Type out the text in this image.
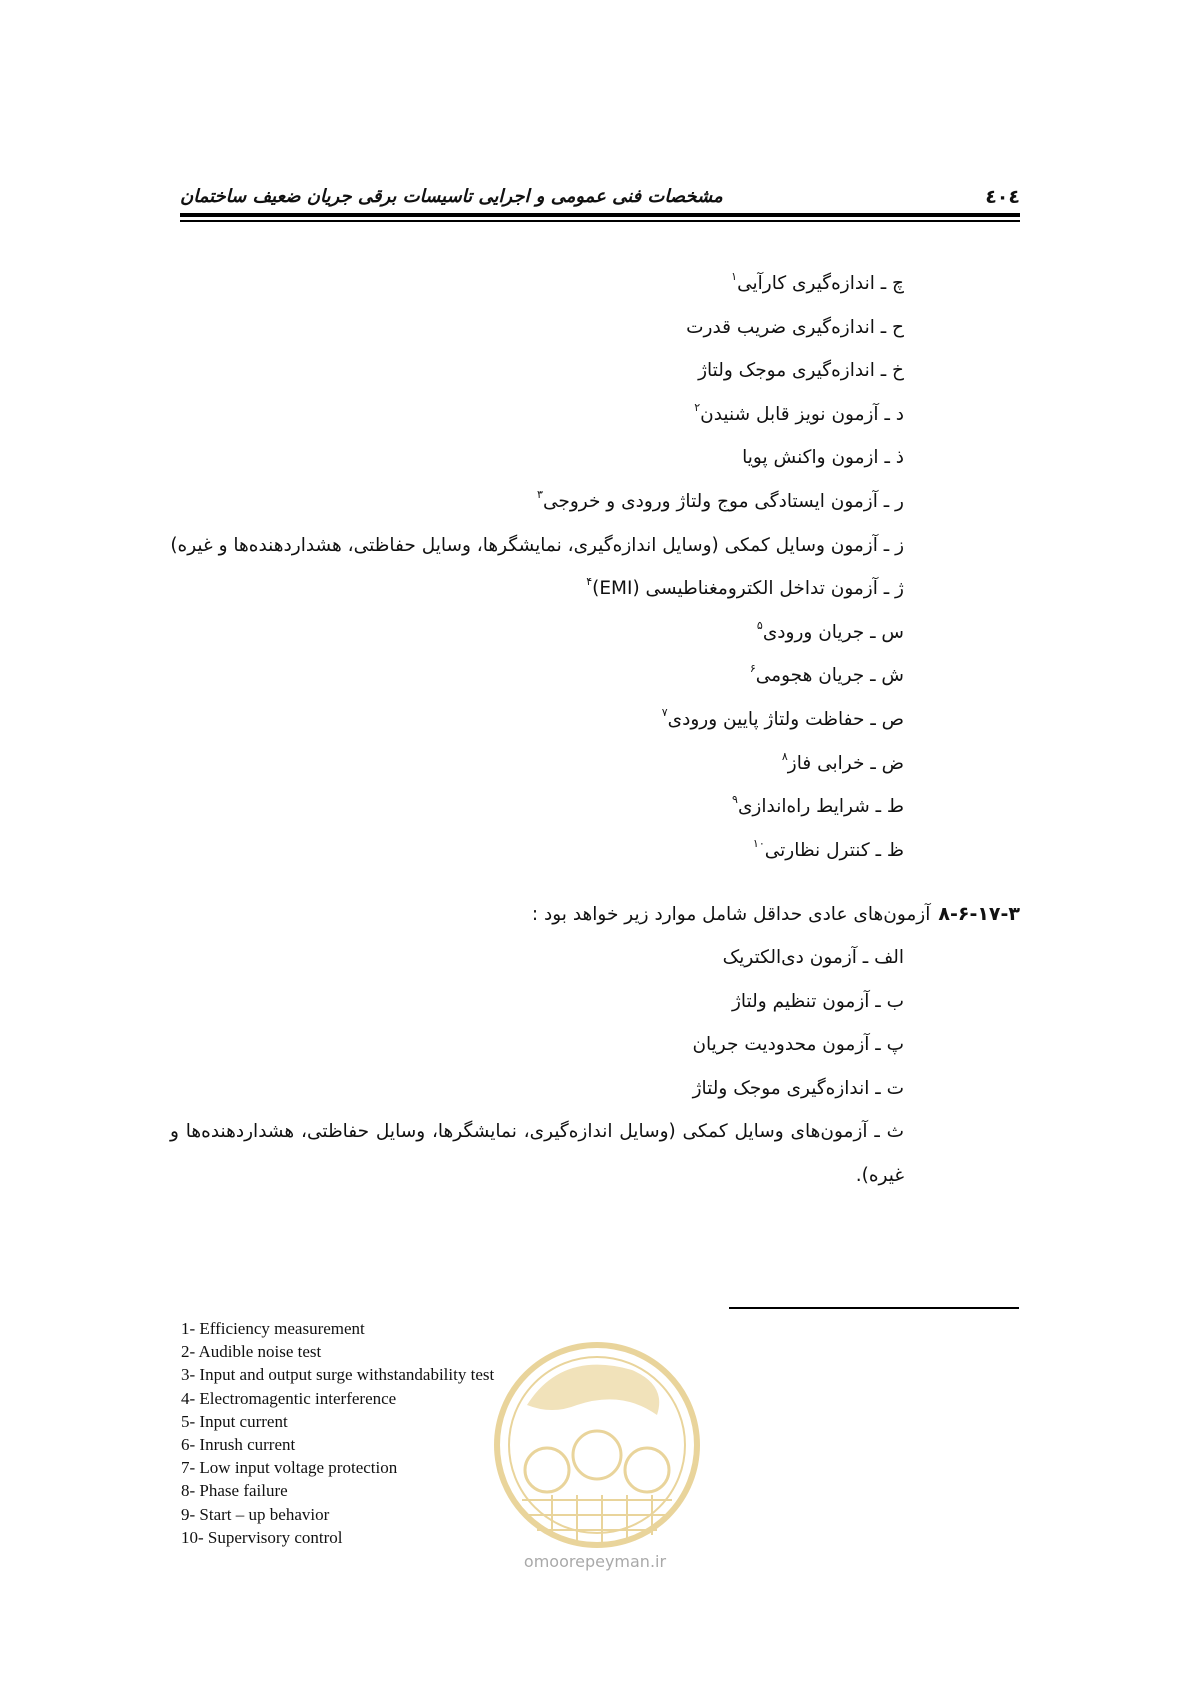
٤٠٤
مشخصات فنی عمومی و اجرایی تاسیسات برقی جریان ضعیف ساختمان
چ ـ اندازه‌گیری کارآیی$^۱$
ح ـ اندازه‌گیری ضریب قدرت
خ ـ اندازه‌گیری موجک ولتاژ
د ـ آزمون نویز قابل شنیدن$^۲$
ذ ـ ازمون واکنش پویا
ر ـ آزمون ایستادگی موج ولتاژ ورودی و خروجی$^۳$
ز ـ آزمون وسایل کمکی (وسایل اندازه‌گیری، نمایشگرها، وسایل حفاظتی، هشداردهنده‌ها و غیره)
ژ ـ آزمون تداخل الکترومغناطیسی (EMI)$^۴$
س ـ جریان ورودی$^۵$
ش ـ جریان هجومی$^۶$
ص ـ حفاظت ولتاژ پایین ورودی$^۷$
ض ـ خرابی فاز$^۸$
ط ـ شرایط راه‌اندازی$^۹$
ظ ـ کنترل نظارتی$^{۱۰}$
۸-۶-۱۷-۳آزمون‌های عادی حداقل شامل موارد زیر خواهد بود :
الف ـ آزمون دی‌الکتریک
ب ـ آزمون تنظیم ولتاژ
پ ـ آزمون محدودیت جریان
ت ـ اندازه‌گیری موجک ولتاژ
ث ـ آزمون‌های وسایل کمکی (وسایل اندازه‌گیری، نمایشگرها، وسایل حفاظتی، هشداردهنده‌ها و غیره).
1- Efficiency measurement
2- Audible noise test
3- Input and output surge withstandability test
4- Electromagentic interference
5- Input current
6- Inrush current
7- Low input voltage protection
8- Phase failure
9- Start – up behavior
10- Supervisory control
omoorepeyman.ir
